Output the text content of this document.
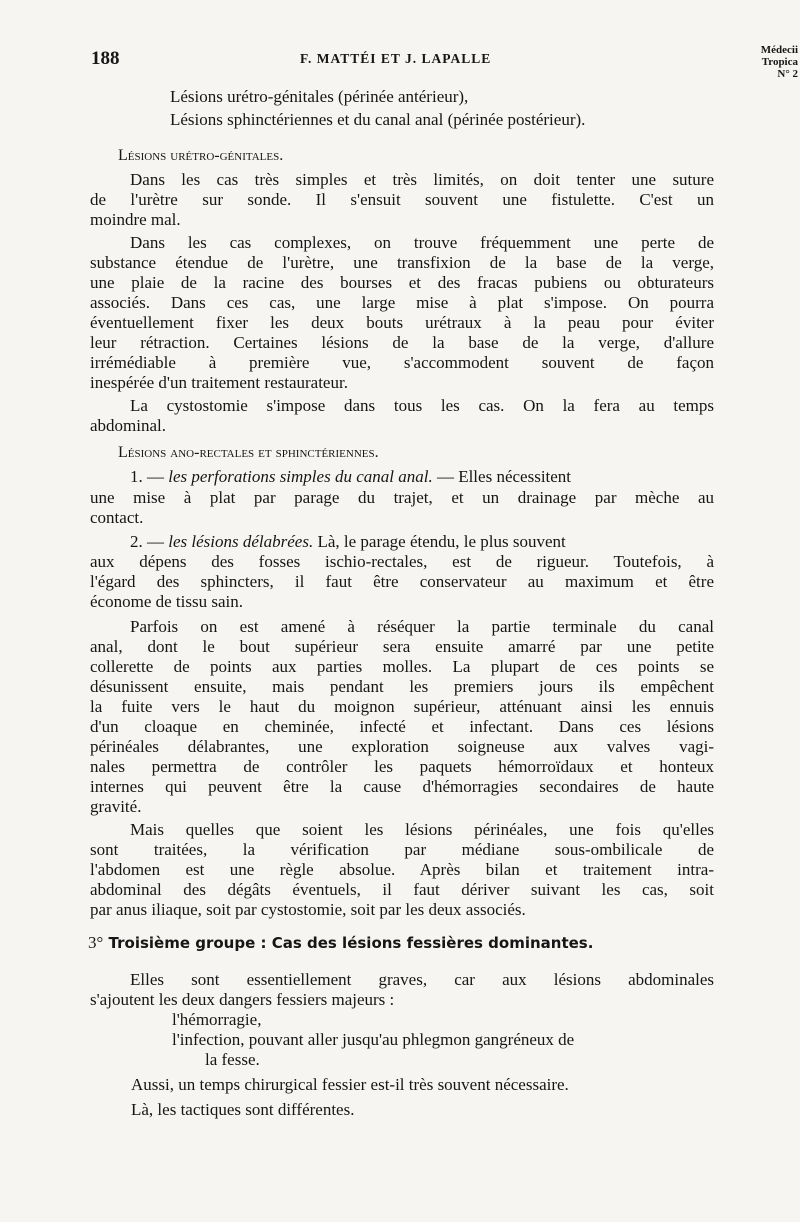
188	F. MATTÉI ET J. LAPALLE
Médecii
Tropica
N° 2
Lésions urétro-génitales (périnée antérieur),
Lésions sphinctériennes et du canal anal (périnée postérieur).
Lésions urétro-génitales.
Dans les cas très simples et très limités, on doit tenter une suture
de l'urètre sur sonde. Il s'ensuit souvent une fistulette. C'est un
moindre mal.
Dans les cas complexes, on trouve fréquemment une perte de
substance étendue de l'urètre, une transfixion de la base de la verge,
une plaie de la racine des bourses et des fracas pubiens ou obturateurs
associés. Dans ces cas, une large mise à plat s'impose. On pourra
éventuellement fixer les deux bouts urétraux à la peau pour éviter
leur rétraction. Certaines lésions de la base de la verge, d'allure
irrémédiable à première vue, s'accommodent souvent de façon
inespérée d'un traitement restaurateur.
La cystostomie s'impose dans tous les cas. On la fera au temps
abdominal.
Lésions ano-rectales et sphinctériennes.
1. — les perforations simples du canal anal. — Elles nécessitent
une mise à plat par parage du trajet, et un drainage par mèche au
contact.
2. — les lésions délabrées. Là, le parage étendu, le plus souvent
aux dépens des fosses ischio-rectales, est de rigueur. Toutefois, à
l'égard des sphincters, il faut être conservateur au maximum et être
économe de tissu sain.
Parfois on est amené à réséquer la partie terminale du canal
anal, dont le bout supérieur sera ensuite amarré par une petite
collerette de points aux parties molles. La plupart de ces points se
désunissent ensuite, mais pendant les premiers jours ils empêchent
la fuite vers le haut du moignon supérieur, atténuant ainsi les ennuis
d'un cloaque en cheminée, infecté et infectant. Dans ces lésions
périnéales délabrantes, une exploration soigneuse aux valves vagi-
nales permettra de contrôler les paquets hémorroïdaux et honteux
internes qui peuvent être la cause d'hémorragies secondaires de haute
gravité.
Mais quelles que soient les lésions périnéales, une fois qu'elles
sont traitées, la vérification par médiane sous-ombilicale de
l'abdomen est une règle absolue. Après bilan et traitement intra-
abdominal des dégâts éventuels, il faut dériver suivant les cas, soit
par anus iliaque, soit par cystostomie, soit par les deux associés.
3° Troisième groupe : Cas des lésions fessières dominantes.
Elles sont essentiellement graves, car aux lésions abdominales
s'ajoutent les deux dangers fessiers majeurs :
l'hémorragie,
l'infection, pouvant aller jusqu'au phlegmon gangréneux de
la fesse.
Aussi, un temps chirurgical fessier est-il très souvent nécessaire.
Là, les tactiques sont différentes.
